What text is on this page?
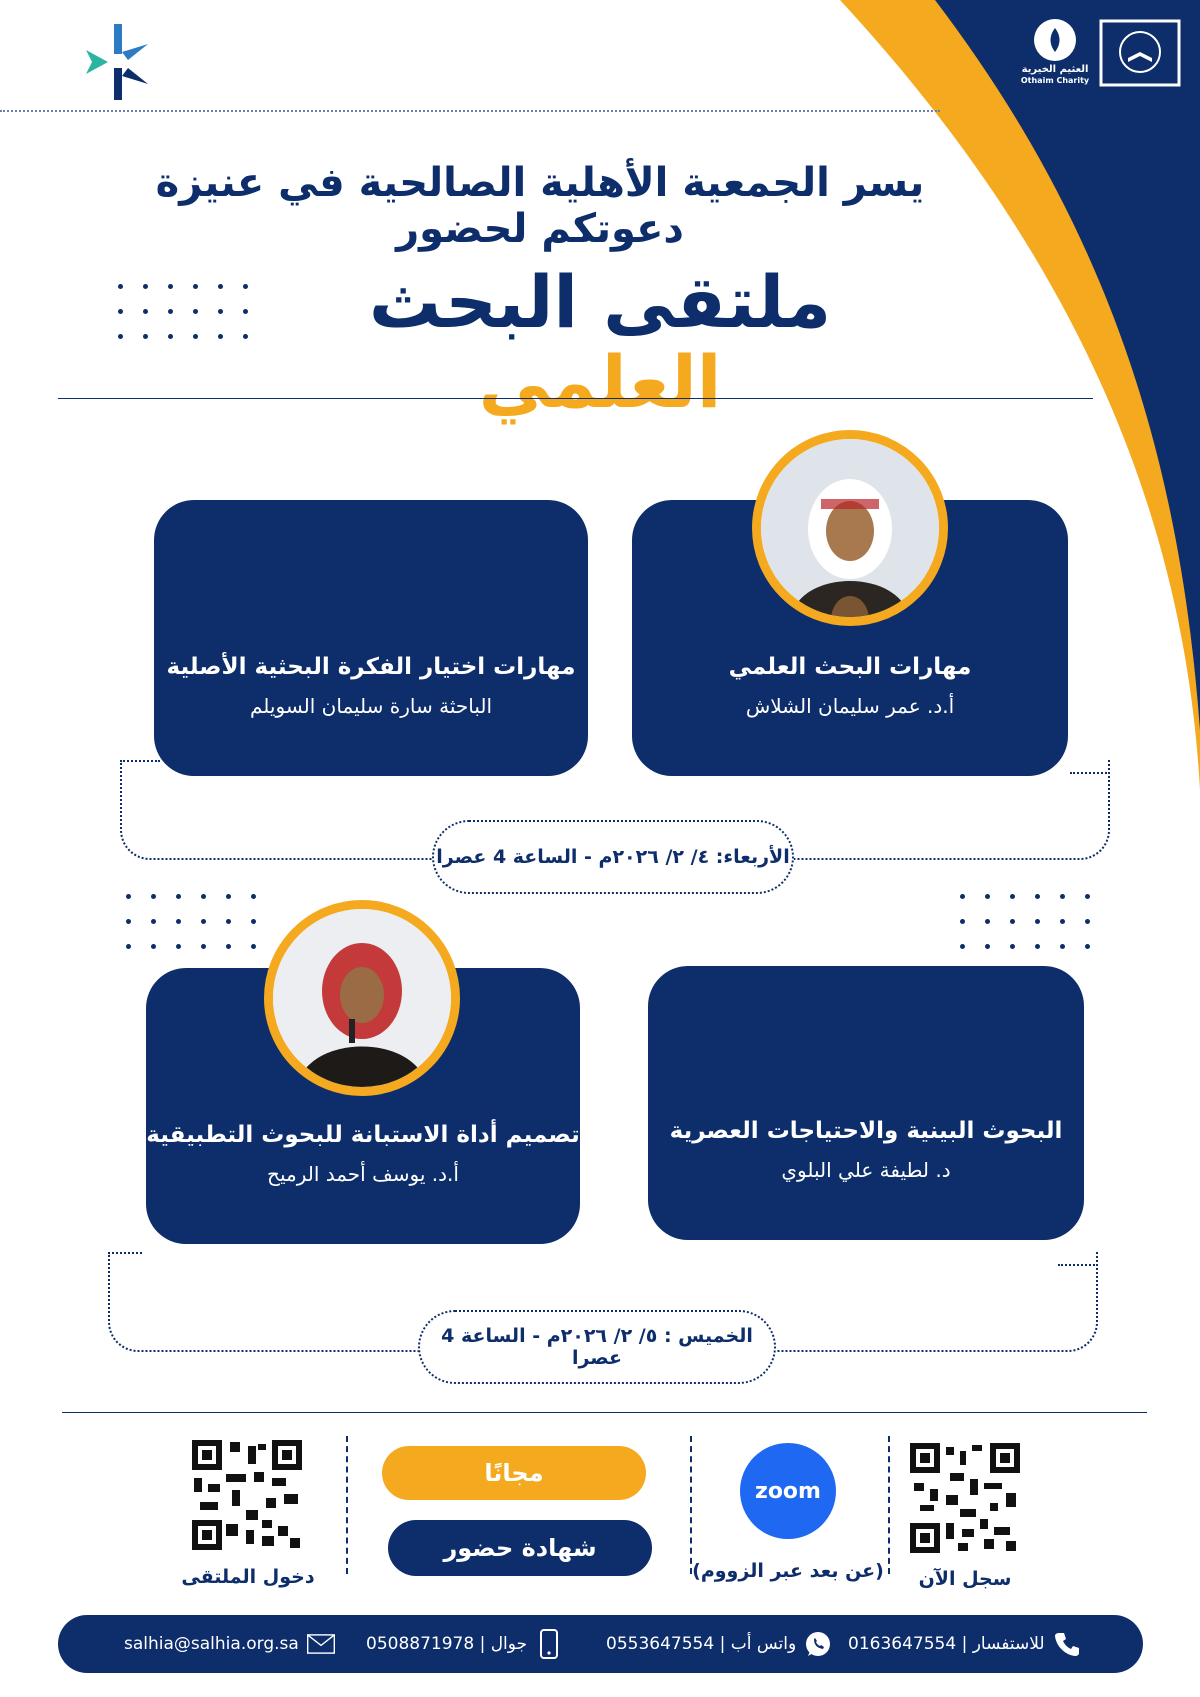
العثيم الخيرية
Othaim Charity
يسر الجمعية الأهلية الصالحية في عنيزة دعوتكم لحضور
ملتقى البحث العلمي
مهارات البحث العلمي
أ.د. عمر سليمان الشلاش
مهارات اختيار الفكرة البحثية الأصلية
الباحثة سارة سليمان السويلم
الأربعاء: ٤/ ٢/ ٢٠٢٦م - الساعة 4 عصرا
البحوث البينية والاحتياجات العصرية
د. لطيفة علي البلوي
تصميم أداة الاستبانة للبحوث التطبيقية
أ.د. يوسف أحمد الرميح
الخميس : ٥/ ٢/ ٢٠٢٦م - الساعة 4 عصرا
سجل الآن
zoom
(عن بعد عبر الزووم)
مجانًا
شهادة حضور
دخول الملتقى
salhia@salhia.org.sa	جوال | 0508871978	واتس أب | 0553647554	للاستفسار | 0163647554
